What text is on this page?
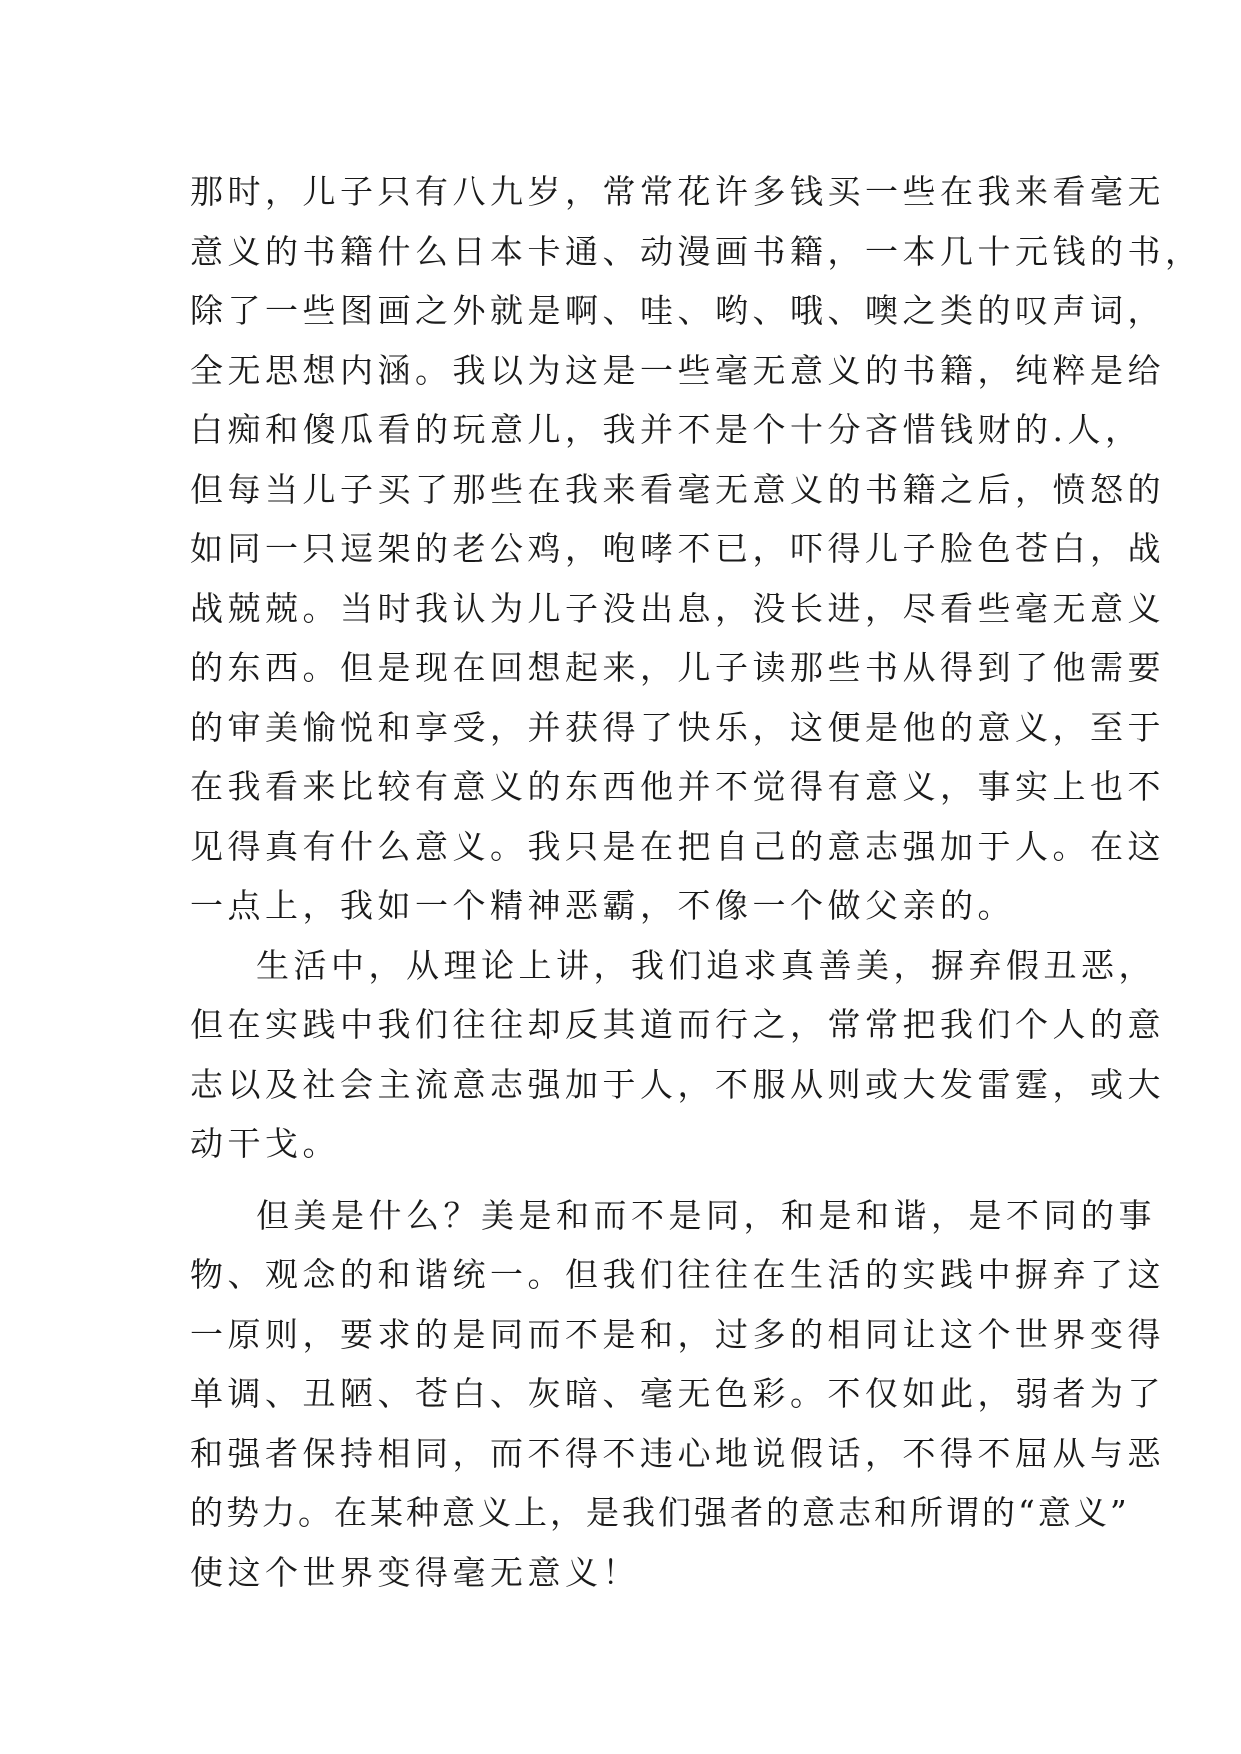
那时，儿子只有八九岁，常常花许多钱买一些在我来看毫无
意义的书籍什么日本卡通、动漫画书籍，一本几十元钱的书，
除了一些图画之外就是啊、哇、哟、哦、噢之类的叹声词，
全无思想内涵。我以为这是一些毫无意义的书籍，纯粹是给
白痴和傻瓜看的玩意儿，我并不是个十分吝惜钱财的.人，
但每当儿子买了那些在我来看毫无意义的书籍之后，愤怒的
如同一只逗架的老公鸡，咆哮不已，吓得儿子脸色苍白，战
战兢兢。当时我认为儿子没出息，没长进，尽看些毫无意义
的东西。但是现在回想起来，儿子读那些书从得到了他需要
的审美愉悦和享受，并获得了快乐，这便是他的意义，至于
在我看来比较有意义的东西他并不觉得有意义，事实上也不
见得真有什么意义。我只是在把自己的意志强加于人。在这
一点上，我如一个精神恶霸，不像一个做父亲的。
生活中，从理论上讲，我们追求真善美，摒弃假丑恶，
但在实践中我们往往却反其道而行之，常常把我们个人的意
志以及社会主流意志强加于人，不服从则或大发雷霆，或大
动干戈。
但美是什么？美是和而不是同，和是和谐，是不同的事
物、观念的和谐统一。但我们往往在生活的实践中摒弃了这
一原则，要求的是同而不是和，过多的相同让这个世界变得
单调、丑陋、苍白、灰暗、毫无色彩。不仅如此，弱者为了
和强者保持相同，而不得不违心地说假话，不得不屈从与恶
的势力。在某种意义上，是我们强者的意志和所谓的“意义”
使这个世界变得毫无意义！
